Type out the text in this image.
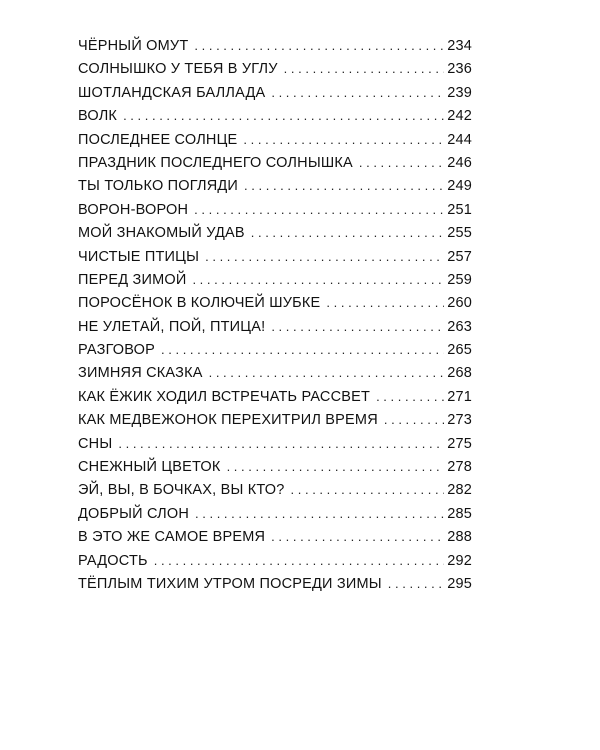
ЧЁРНЫЙ ОМУТ . . .	234
СОЛНЫШКО У ТЕБЯ В УГЛУ . . .	236
ШОТЛАНДСКАЯ БАЛЛАДА . . .	239
ВОЛК . . .	242
ПОСЛЕДНЕЕ СОЛНЦЕ . . .	244
ПРАЗДНИК ПОСЛЕДНЕГО СОЛНЫШКА . . .	246
ТЫ ТОЛЬКО ПОГЛЯДИ . . .	249
ВОРОН-ВОРОН . . .	251
МОЙ ЗНАКОМЫЙ УДАВ . . .	255
ЧИСТЫЕ ПТИЦЫ . . .	257
ПЕРЕД ЗИМОЙ . . .	259
ПОРОСЁНОК В КОЛЮЧЕЙ ШУБКЕ . . .	260
НЕ УЛЕТАЙ, ПОЙ, ПТИЦА! . . .	263
РАЗГОВОР . . .	265
ЗИМНЯЯ СКАЗКА . . .	268
КАК ЁЖИК ХОДИЛ ВСТРЕЧАТЬ РАССВЕТ . . .	271
КАК МЕДВЕЖОНОК ПЕРЕХИТРИЛ ВРЕМЯ . . .	273
СНЫ . . .	275
СНЕЖНЫЙ ЦВЕТОК . . .	278
ЭЙ, ВЫ, В БОЧКАХ, ВЫ КТО? . . .	282
ДОБРЫЙ СЛОН . . .	285
В ЭТО ЖЕ САМОЕ ВРЕМЯ . . .	288
РАДОСТЬ . . .	292
ТЁПЛЫМ ТИХИМ УТРОМ ПОСРЕДИ ЗИМЫ . . .	295
